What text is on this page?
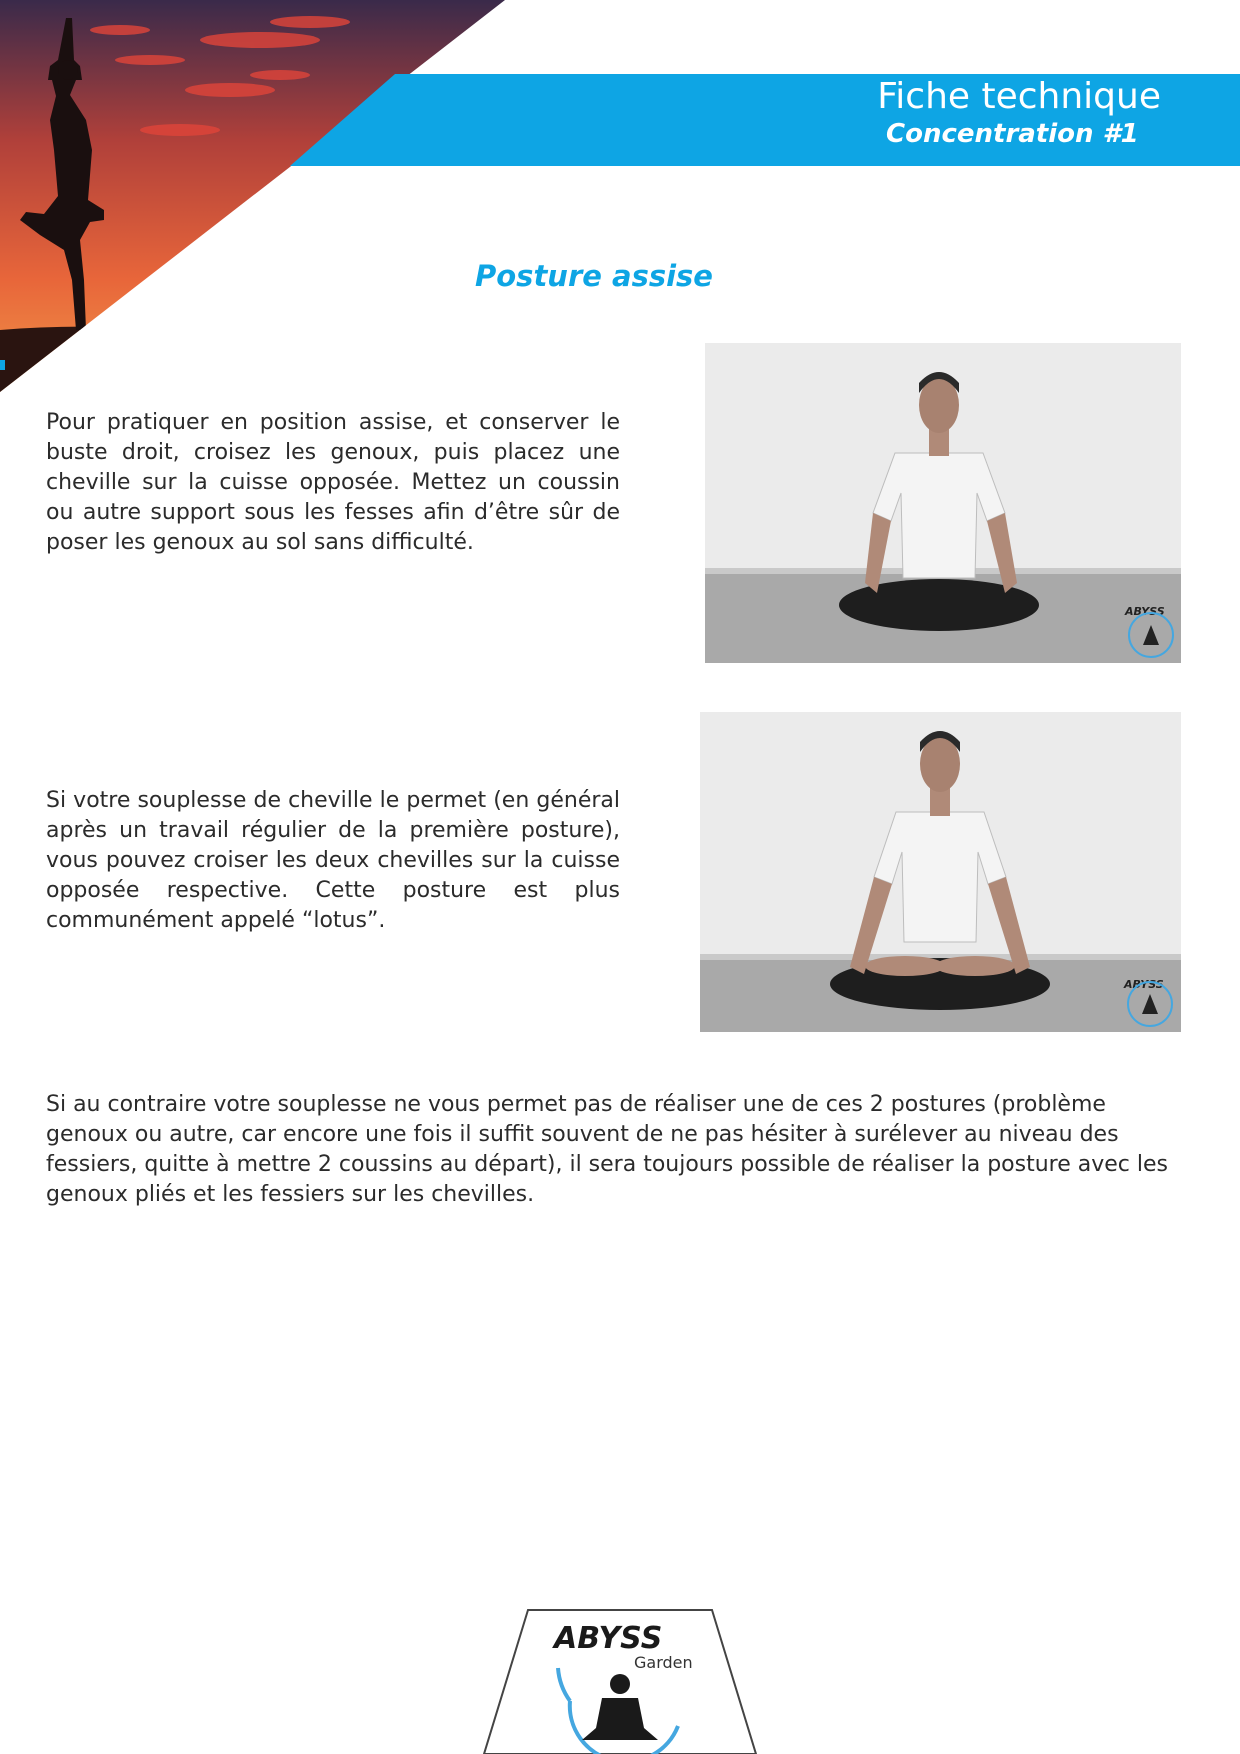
Fiche technique
Concentration #1
Posture assise

Pour pratiquer en position assise, et conserver le buste droit, croisez les genoux, puis placez une cheville sur la cuisse opposée. Mettez un coussin ou autre support sous les fesses afin d’être sûr de poser les genoux au sol sans difficulté.

ABYSS

Si votre souplesse de cheville le permet (en général après un travail régulier de la première posture), vous pouvez croiser les deux chevilles sur la cuisse opposée respective. Cette posture est plus communément appelé “lotus”.

ABYSS

Si au contraire votre souplesse ne vous permet pas de réaliser une de ces 2 postures (problème genoux ou autre, car encore une fois il suffit souvent de ne pas hésiter à surélever au niveau des fessiers, quitte à mettre 2 coussins au départ), il sera toujours possible de réaliser la posture avec les genoux pliés et les fessiers sur les chevilles.

ABYSS
Garden
